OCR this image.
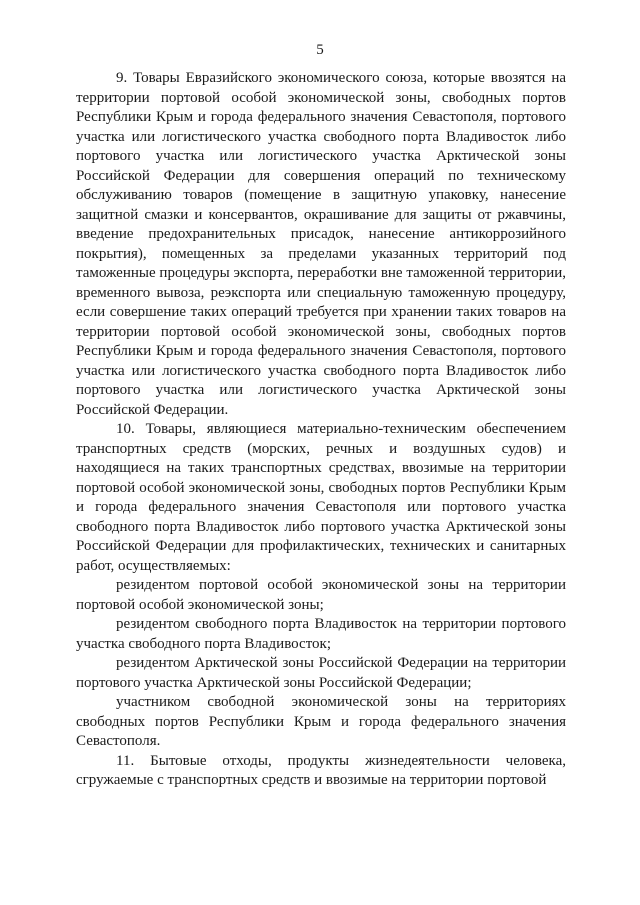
5

9. Товары Евразийского экономического союза, которые ввозятся на территории портовой особой экономической зоны, свободных портов Республики Крым и города федерального значения Севастополя, портового участка или логистического участка свободного порта Владивосток либо портового участка или логистического участка Арктической зоны Российской Федерации для совершения операций по техническому обслуживанию товаров (помещение в защитную упаковку, нанесение защитной смазки и консервантов, окрашивание для защиты от ржавчины, введение предохранительных присадок, нанесение антикоррозийного покрытия), помещенных за пределами указанных территорий под таможенные процедуры экспорта, переработки вне таможенной территории, временного вывоза, реэкспорта или специальную таможенную процедуру, если совершение таких операций требуется при хранении таких товаров на территории портовой особой экономической зоны, свободных портов Республики Крым и города федерального значения Севастополя, портового участка или логистического участка свободного порта Владивосток либо портового участка или логистического участка Арктической зоны Российской Федерации.

10. Товары, являющиеся материально-техническим обеспечением транспортных средств (морских, речных и воздушных судов) и находящиеся на таких транспортных средствах, ввозимые на территории портовой особой экономической зоны, свободных портов Республики Крым и города федерального значения Севастополя или портового участка свободного порта Владивосток либо портового участка Арктической зоны Российской Федерации для профилактических, технических и санитарных работ, осуществляемых:

резидентом портовой особой экономической зоны на территории портовой особой экономической зоны;

резидентом свободного порта Владивосток на территории портового участка свободного порта Владивосток;

резидентом Арктической зоны Российской Федерации на территории портового участка Арктической зоны Российской Федерации;

участником свободной экономической зоны на территориях свободных портов Республики Крым и города федерального значения Севастополя.

11. Бытовые отходы, продукты жизнедеятельности человека, сгружаемые с транспортных средств и ввозимые на территории портовой
